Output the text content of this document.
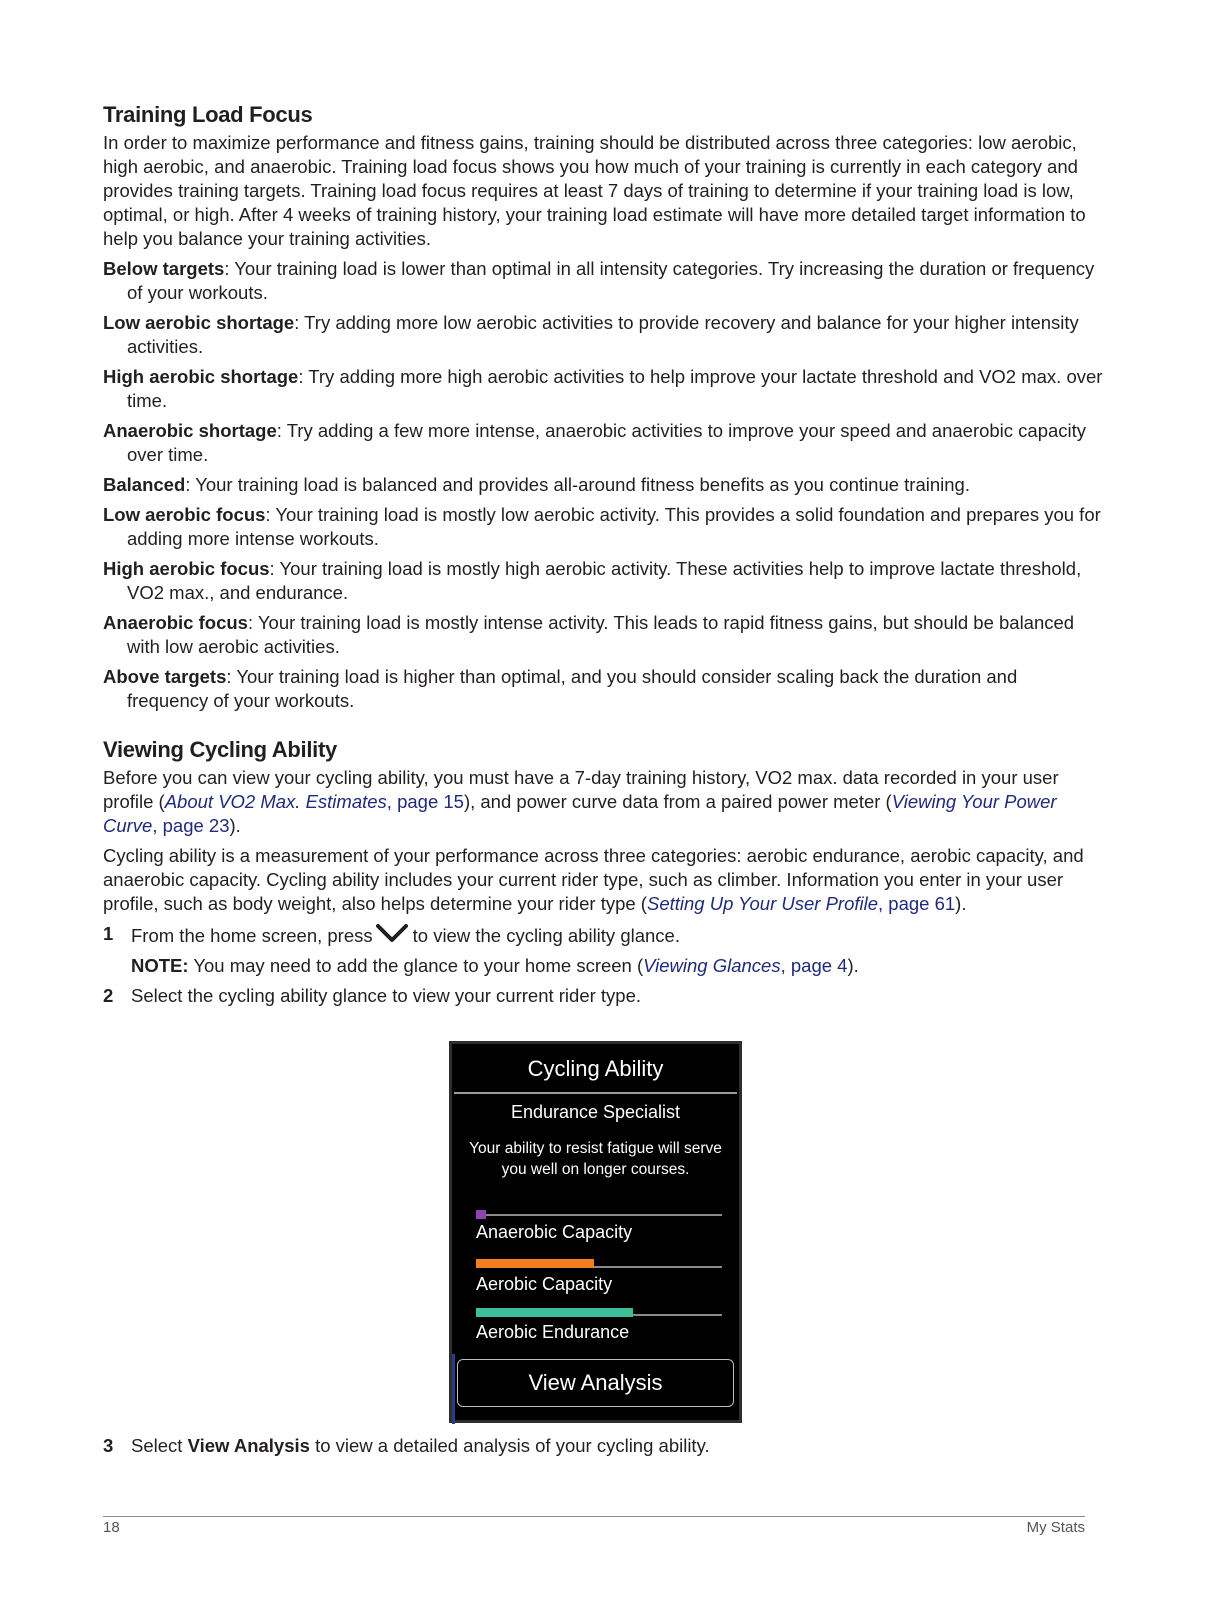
Training Load Focus

In order to maximize performance and fitness gains, training should be distributed across three categories: low aerobic, high aerobic, and anaerobic. Training load focus shows you how much of your training is currently in each category and provides training targets. Training load focus requires at least 7 days of training to determine if your training load is low, optimal, or high. After 4 weeks of training history, your training load estimate will have more detailed target information to help you balance your training activities.

Below targets: Your training load is lower than optimal in all intensity categories. Try increasing the duration or frequency of your workouts.

Low aerobic shortage: Try adding more low aerobic activities to provide recovery and balance for your higher intensity activities.

High aerobic shortage: Try adding more high aerobic activities to help improve your lactate threshold and VO2 max. over time.

Anaerobic shortage: Try adding a few more intense, anaerobic activities to improve your speed and anaerobic capacity over time.

Balanced: Your training load is balanced and provides all-around fitness benefits as you continue training.

Low aerobic focus: Your training load is mostly low aerobic activity. This provides a solid foundation and prepares you for adding more intense workouts.

High aerobic focus: Your training load is mostly high aerobic activity. These activities help to improve lactate threshold, VO2 max., and endurance.

Anaerobic focus: Your training load is mostly intense activity. This leads to rapid fitness gains, but should be balanced with low aerobic activities.

Above targets: Your training load is higher than optimal, and you should consider scaling back the duration and frequency of your workouts.

Viewing Cycling Ability

Before you can view your cycling ability, you must have a 7-day training history, VO2 max. data recorded in your user profile (About VO2 Max. Estimates, page 15), and power curve data from a paired power meter (Viewing Your Power Curve, page 23).

Cycling ability is a measurement of your performance across three categories: aerobic endurance, aerobic capacity, and anaerobic capacity. Cycling ability includes your current rider type, such as climber. Information you enter in your user profile, such as body weight, also helps determine your rider type (Setting Up Your User Profile, page 61).

1 From the home screen, press to view the cycling ability glance.

NOTE: You may need to add the glance to your home screen (Viewing Glances, page 4).

2 Select the cycling ability glance to view your current rider type.
Cycling Ability
Endurance Specialist
Your ability to resist fatigue will serve you well on longer courses.
Anaerobic Capacity
Aerobic Capacity
Aerobic Endurance
View Analysis
3 Select View Analysis to view a detailed analysis of your cycling ability.
18	My Stats
